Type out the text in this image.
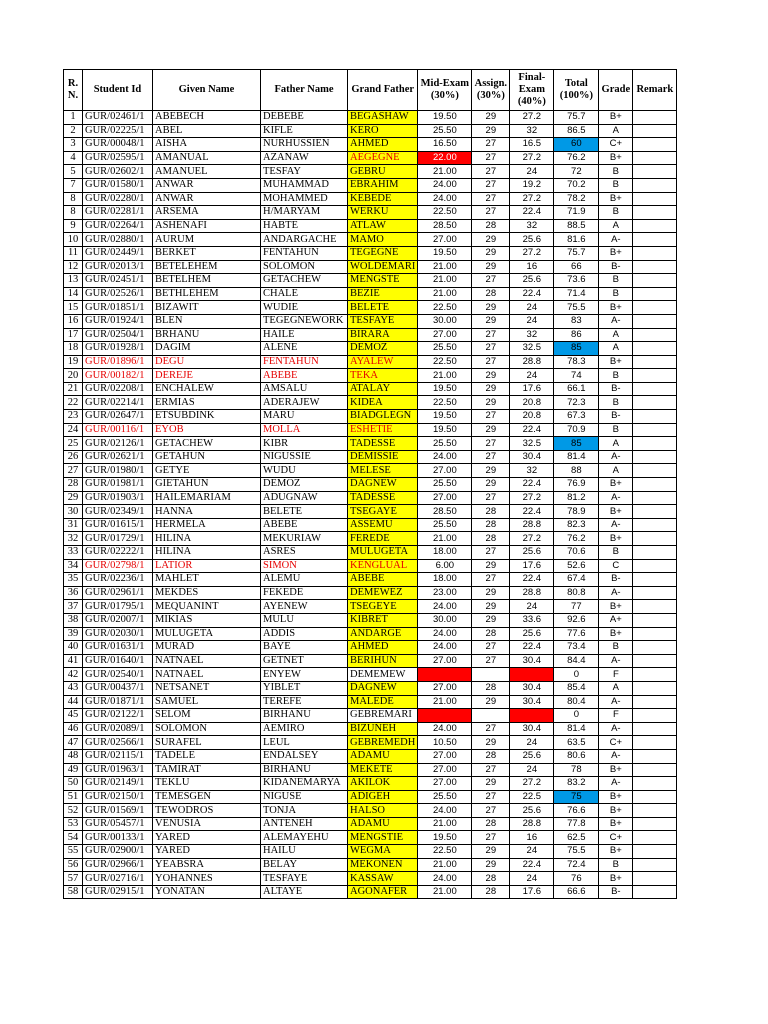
R. N.	Student Id	Given Name	Father Name	Grand Father	Mid-Exam (30%)	Assign. (30%)	Final-Exam (40%)	Total (100%)	Grade	Remark
1	GUR/02461/1	ABEBECH	DEBEBE	BEGASHAW	19.50	29	27.2	75.7	B+	
2	GUR/02225/1	ABEL	KIFLE	KERO	25.50	29	32	86.5	A	
3	GUR/00048/1	AISHA	NURHUSSIEN	AHMED	16.50	27	16.5	60	C+	
4	GUR/02595/1	AMANUAL	AZANAW	AEGEGNE	22.00	27	27.2	76.2	B+	
5	GUR/02602/1	AMANUEL	TESFAY	GEBRU	21.00	27	24	72	B	
7	GUR/01580/1	ANWAR	MUHAMMAD	EBRAHIM	24.00	27	19.2	70.2	B	
8	GUR/02280/1	ANWAR	MOHAMMED	KEBEDE	24.00	27	27.2	78.2	B+	
8	GUR/02281/1	ARSEMA	H/MARYAM	WERKU	22.50	27	22.4	71.9	B	
9	GUR/02264/1	ASHENAFI	HABTE	ATLAW	28.50	28	32	88.5	A	
10	GUR/02880/1	AURUM	ANDARGACHE	MAMO	27.00	29	25.6	81.6	A-	
11	GUR/02449/1	BERKET	FENTAHUN	TEGEGNE	19.50	29	27.2	75.7	B+	
12	GUR/02013/1	BETELEHEM	SOLOMON	WOLDEMARI	21.00	29	16	66	B-	
13	GUR/02451/1	BETELHEM	GETACHEW	MENGSTE	21.00	27	25.6	73.6	B	
14	GUR/02526/1	BETHLEHEM	CHALE	BEZIE	21.00	28	22.4	71.4	B	
15	GUR/01851/1	BIZAWIT	WUDIE	BELETE	22.50	29	24	75.5	B+	
16	GUR/01924/1	BLEN	TEGEGNEWORK	TESFAYE	30.00	29	24	83	A-	
17	GUR/02504/1	BRHANU	HAILE	BIRARA	27.00	27	32	86	A	
18	GUR/01928/1	DAGIM	ALENE	DEMOZ	25.50	27	32.5	85	A	
19	GUR/01896/1	DEGU	FENTAHUN	AYALEW	22.50	27	28.8	78.3	B+	
20	GUR/00182/1	DEREJE	ABEBE	TEKA	21.00	29	24	74	B	
21	GUR/02208/1	ENCHALEW	AMSALU	ATALAY	19.50	29	17.6	66.1	B-	
22	GUR/02214/1	ERMIAS	ADERAJEW	KIDEA	22.50	29	20.8	72.3	B	
23	GUR/02647/1	ETSUBDINK	MARU	BIADGLEGN	19.50	27	20.8	67.3	B-	
24	GUR/00116/1	EYOB	MOLLA	ESHETIE	19.50	29	22.4	70.9	B	
25	GUR/02126/1	GETACHEW	KIBR	TADESSE	25.50	27	32.5	85	A	
26	GUR/02621/1	GETAHUN	NIGUSSIE	DEMISSIE	24.00	27	30.4	81.4	A-	
27	GUR/01980/1	GETYE	WUDU	MELESE	27.00	29	32	88	A	
28	GUR/01981/1	GIETAHUN	DEMOZ	DAGNEW	25.50	29	22.4	76.9	B+	
29	GUR/01903/1	HAILEMARIAM	ADUGNAW	TADESSE	27.00	27	27.2	81.2	A-	
30	GUR/02349/1	HANNA	BELETE	TSEGAYE	28.50	28	22.4	78.9	B+	
31	GUR/01615/1	HERMELA	ABEBE	ASSEMU	25.50	28	28.8	82.3	A-	
32	GUR/01729/1	HILINA	MEKURIAW	FEREDE	21.00	28	27.2	76.2	B+	
33	GUR/02222/1	HILINA	ASRES	MULUGETA	18.00	27	25.6	70.6	B	
34	GUR/02798/1	LATIOR	SIMON	KENGLUAL	6.00	29	17.6	52.6	C	
35	GUR/02236/1	MAHLET	ALEMU	ABEBE	18.00	27	22.4	67.4	B-	
36	GUR/02961/1	MEKDES	FEKEDE	DEMEWEZ	23.00	29	28.8	80.8	A-	
37	GUR/01795/1	MEQUANINT	AYENEW	TSEGEYE	24.00	29	24	77	B+	
38	GUR/02007/1	MIKIAS	MULU	KIBRET	30.00	29	33.6	92.6	A+	
39	GUR/02030/1	MULUGETA	ADDIS	ANDARGE	24.00	28	25.6	77.6	B+	
40	GUR/01631/1	MURAD	BAYE	AHMED	24.00	27	22.4	73.4	B	
41	GUR/01640/1	NATNAEL	GETNET	BERIHUN	27.00	27	30.4	84.4	A-	
42	GUR/02540/1	NATNAEL	ENYEW	DEMEMEW				0	F	
43	GUR/00437/1	NETSANET	YIBLET	DAGNEW	27.00	28	30.4	85.4	A	
44	GUR/01871/1	SAMUEL	TEREFE	MALEDE	21.00	29	30.4	80.4	A-	
45	GUR/02122/1	SELOM	BIRHANU	GEBREMARI				0	F	
46	GUR/02089/1	SOLOMON	AEMIRO	BIZUNEH	24.00	27	30.4	81.4	A-	
47	GUR/02566/1	SURAFEL	LEUL	GEBREMEDH	10.50	29	24	63.5	C+	
48	GUR/02115/1	TADELE	ENDALSEY	ADAMU	27.00	28	25.6	80.6	A-	
49	GUR/01963/1	TAMIRAT	BIRHANU	MEKETE	27.00	27	24	78	B+	
50	GUR/02149/1	TEKLU	KIDANEMARYA	AKILOK	27.00	29	27.2	83.2	A-	
51	GUR/02150/1	TEMESGEN	NIGUSE	ADIGEH	25.50	27	22.5	75	B+	
52	GUR/01569/1	TEWODROS	TONJA	HALSO	24.00	27	25.6	76.6	B+	
53	GUR/05457/1	VENUSIA	ANTENEH	ADAMU	21.00	28	28.8	77.8	B+	
54	GUR/00133/1	YARED	ALEMAYEHU	MENGSTIE	19.50	27	16	62.5	C+	
55	GUR/02900/1	YARED	HAILU	WEGMA	22.50	29	24	75.5	B+	
56	GUR/02966/1	YEABSRA	BELAY	MEKONEN	21.00	29	22.4	72.4	B	
57	GUR/02716/1	YOHANNES	TESFAYE	KASSAW	24.00	28	24	76	B+	
58	GUR/02915/1	YONATAN	ALTAYE	AGONAFER	21.00	28	17.6	66.6	B-	
